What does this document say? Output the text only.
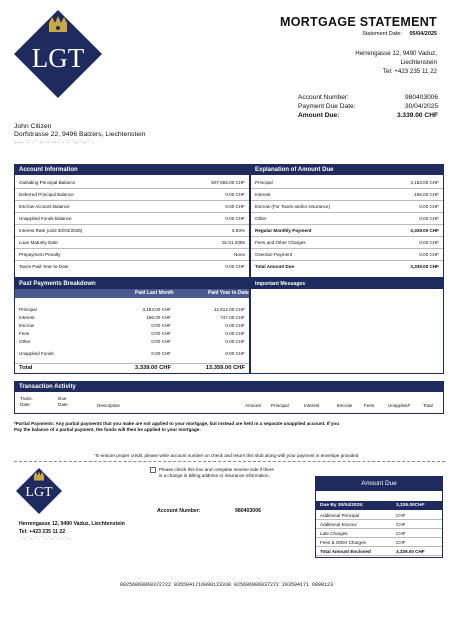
LGT
MORTGAGE STATEMENT
Statement Date: 05/04/2025
Herrengasse 12, 9490 Vaduz,
Liechtenstein
Tel: +423 235 11 22
Account Number:	980403006
Payment Due Date:	30/04/2025
Amount Due:	3.339.00 CHF
John Citizen
Dorfstrasse 22, 9496 Balzers, Liechtenstein
····˙·˙·˙˙··˙·˙···˙·˙·˙˙··˙··˙˙·
Account Information
Outsiding Principal Balance	507,855.00 CHF
Deferred Principal Balance	0.00 CHF
Escrow Account Balance	0.00 CHF
Unapplied Funds Balance	0.00 CHF
Interest Rate (until 30/04/2025)	5.93%
Loan Maturity Date	01.01.2055
Prepayment Penalty	None
Taxes Paid Year-to-Date	0.00 CHF
Explanation of Amount Due
Principal	3,153.00 CHF
Interest	186.00 CHF
Escrow (For Taxes and/or insurance)	0.00 CHF
Other	0.00 CHF
Regular Monthly Payment	3,339.00 CHF
Fees and Other Charges	0.00 CHF
Overdue Payment	0.00 CHF
Total Amount Due	3,339.00 CHF
Past Payments Breakdown
Paid Last Month	Paid Year to Date
Principal	3,153.00 CHF	12,612.00 CHF
Interest	186.00 CHF	747.00 CHF
Escrow	0.00 CHF	0.00 CHF
Fees	0.00 CHF	0.00 CHF
Other	0.00 CHF	0.00 CHF
Unapplied Funds	0.00 CHF	0.00 CHF
Total	3,339.00 CHF	13,359.00 CHF
Important Messages
Transaction Activity
Trans.
Date
Due
Date	Description	Amount Principal	Interest	Escrow	Fees	Unapplied*	Total
*Partial Payments: Any partial payments that you make are not applied to your mortgage, but instead are held in a separate unapplied account. If you
Pay the balance of a partial payment, the funds will then be applied to your mortgage.
To ensure proper credit, please write account number on check and return this stub along with your payment in envelope provided
LGT
Please check this box and complete reverse side if there
is a change in billing address or insurance information.
Account Number:	980403006
Herrengasse 12, 9490 Vaduz, Liechtenstein
Tel: +423 235 11 22
˙··˙···˙·˙˙··˙··˙·˙·˙···
Amount Due
Due By 30/04/2025:	3,339.00CHF
Additional Principal	CHF
Additional Escrow	CHF
Late Charges	CHF
Fees & Other Charges	CHF
Total Amount Enclosed	3,339.00 CHF
00256069060372722 0355941716090123330 025606906037272 203594171 6090123
